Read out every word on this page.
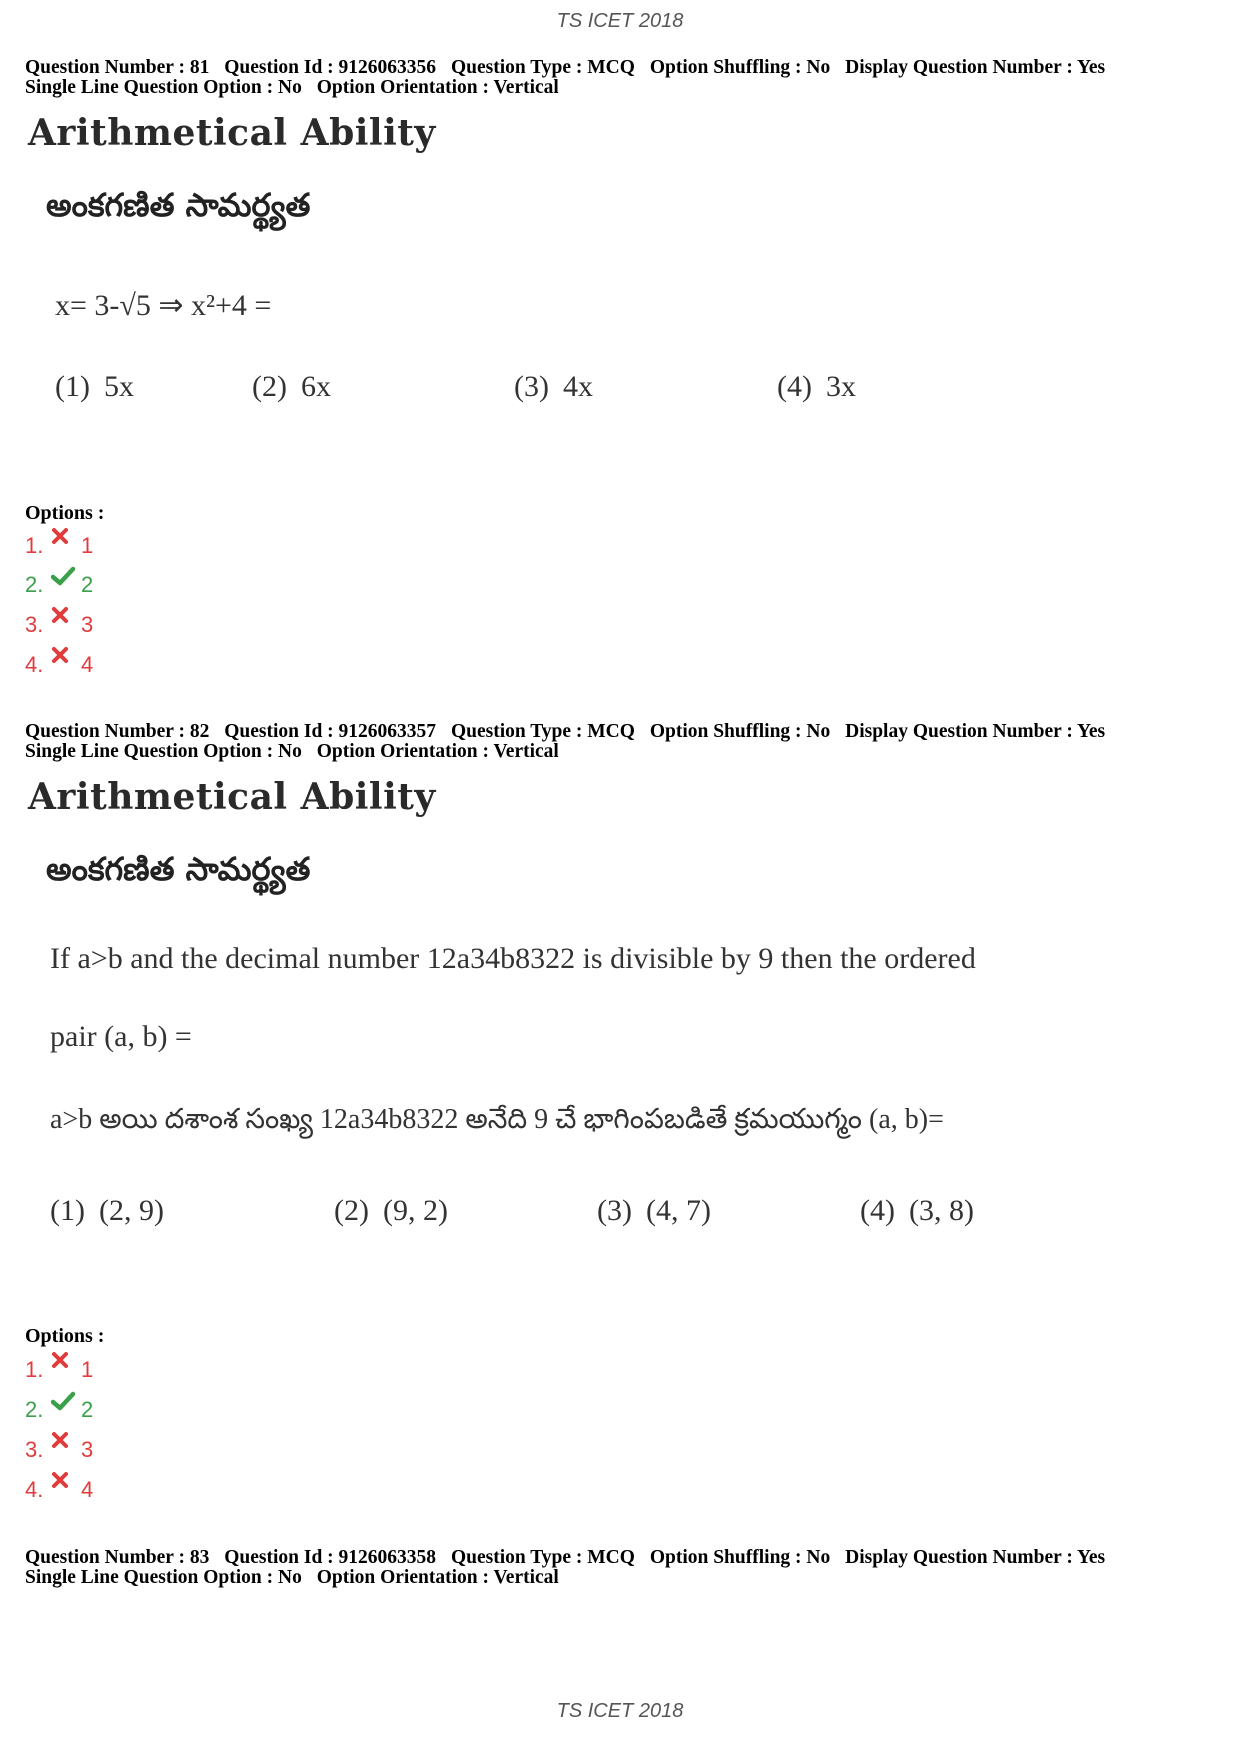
TS ICET 2018
Question Number : 81 Question Id : 9126063356 Question Type : MCQ Option Shuffling : No Display Question Number : Yes
Single Line Question Option : No Option Orientation : Vertical
Arithmetical Ability
అంకగణిత సామర్థ్యత
x= 3-√5 ⇒ x²+4 =
(1) 5x	(2) 6x	(3) 4x	(4) 3x
Options :
1.	1
2.	2
3.	3
4.	4
Question Number : 82 Question Id : 9126063357 Question Type : MCQ Option Shuffling : No Display Question Number : Yes
Single Line Question Option : No Option Orientation : Vertical
Arithmetical Ability
అంకగణిత సామర్థ్యత
If a>b and the decimal number 12a34b8322 is divisible by 9 then the ordered
pair (a, b) =
a>b అయి దశాంశ సంఖ్య 12a34b8322 అనేది 9 చే భాగింపబడితే క్రమయుగ్మం (a, b)=
(1) (2, 9)	(2) (9, 2)	(3) (4, 7)	(4) (3, 8)
Options :
1.	1
2.	2
3.	3
4.	4
Question Number : 83 Question Id : 9126063358 Question Type : MCQ Option Shuffling : No Display Question Number : Yes
Single Line Question Option : No Option Orientation : Vertical
TS ICET 2018
